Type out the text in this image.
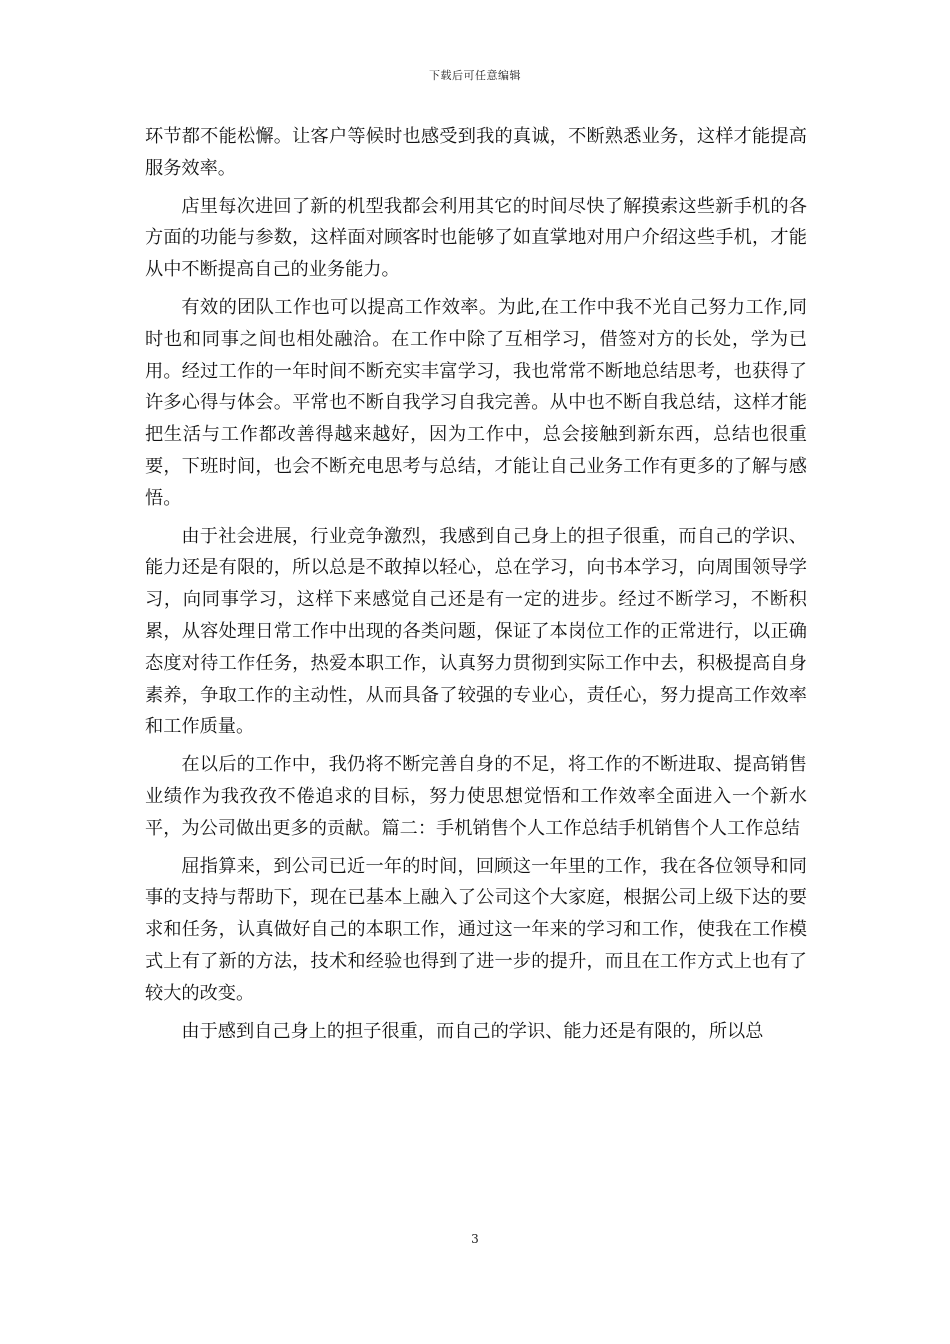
下载后可任意编辑

环节都不能松懈。让客户等候时也感受到我的真诚，不断熟悉业务，这样才能提高服务效率。

店里每次进回了新的机型我都会利用其它的时间尽快了解摸索这些新手机的各方面的功能与参数，这样面对顾客时也能够了如直掌地对用户介绍这些手机，才能从中不断提高自己的业务能力。

有效的团队工作也可以提高工作效率。为此,在工作中我不光自己努力工作,同时也和同事之间也相处融洽。在工作中除了互相学习，借签对方的长处，学为已用。经过工作的一年时间不断充实丰富学习，我也常常不断地总结思考，也获得了许多心得与体会。平常也不断自我学习自我完善。从中也不断自我总结，这样才能把生活与工作都改善得越来越好，因为工作中，总会接触到新东西，总结也很重要，下班时间，也会不断充电思考与总结，才能让自己业务工作有更多的了解与感悟。

由于社会进展，行业竞争激烈，我感到自己身上的担子很重，而自己的学识、能力还是有限的，所以总是不敢掉以轻心，总在学习，向书本学习，向周围领导学习，向同事学习，这样下来感觉自己还是有一定的进步。经过不断学习，不断积累，从容处理日常工作中出现的各类问题，保证了本岗位工作的正常进行，以正确态度对待工作任务，热爱本职工作，认真努力贯彻到实际工作中去，积极提高自身素养，争取工作的主动性，从而具备了较强的专业心，责任心，努力提高工作效率和工作质量。

在以后的工作中，我仍将不断完善自身的不足，将工作的不断进取、提高销售业绩作为我孜孜不倦追求的目标，努力使思想觉悟和工作效率全面进入一个新水平，为公司做出更多的贡献。篇二：手机销售个人工作总结手机销售个人工作总结

屈指算来，到公司已近一年的时间，回顾这一年里的工作，我在各位领导和同事的支持与帮助下，现在已基本上融入了公司这个大家庭，根据公司上级下达的要求和任务，认真做好自己的本职工作，通过这一年来的学习和工作，使我在工作模式上有了新的方法，技术和经验也得到了进一步的提升，而且在工作方式上也有了较大的改变。

由于感到自己身上的担子很重，而自己的学识、能力还是有限的，所以总

3
